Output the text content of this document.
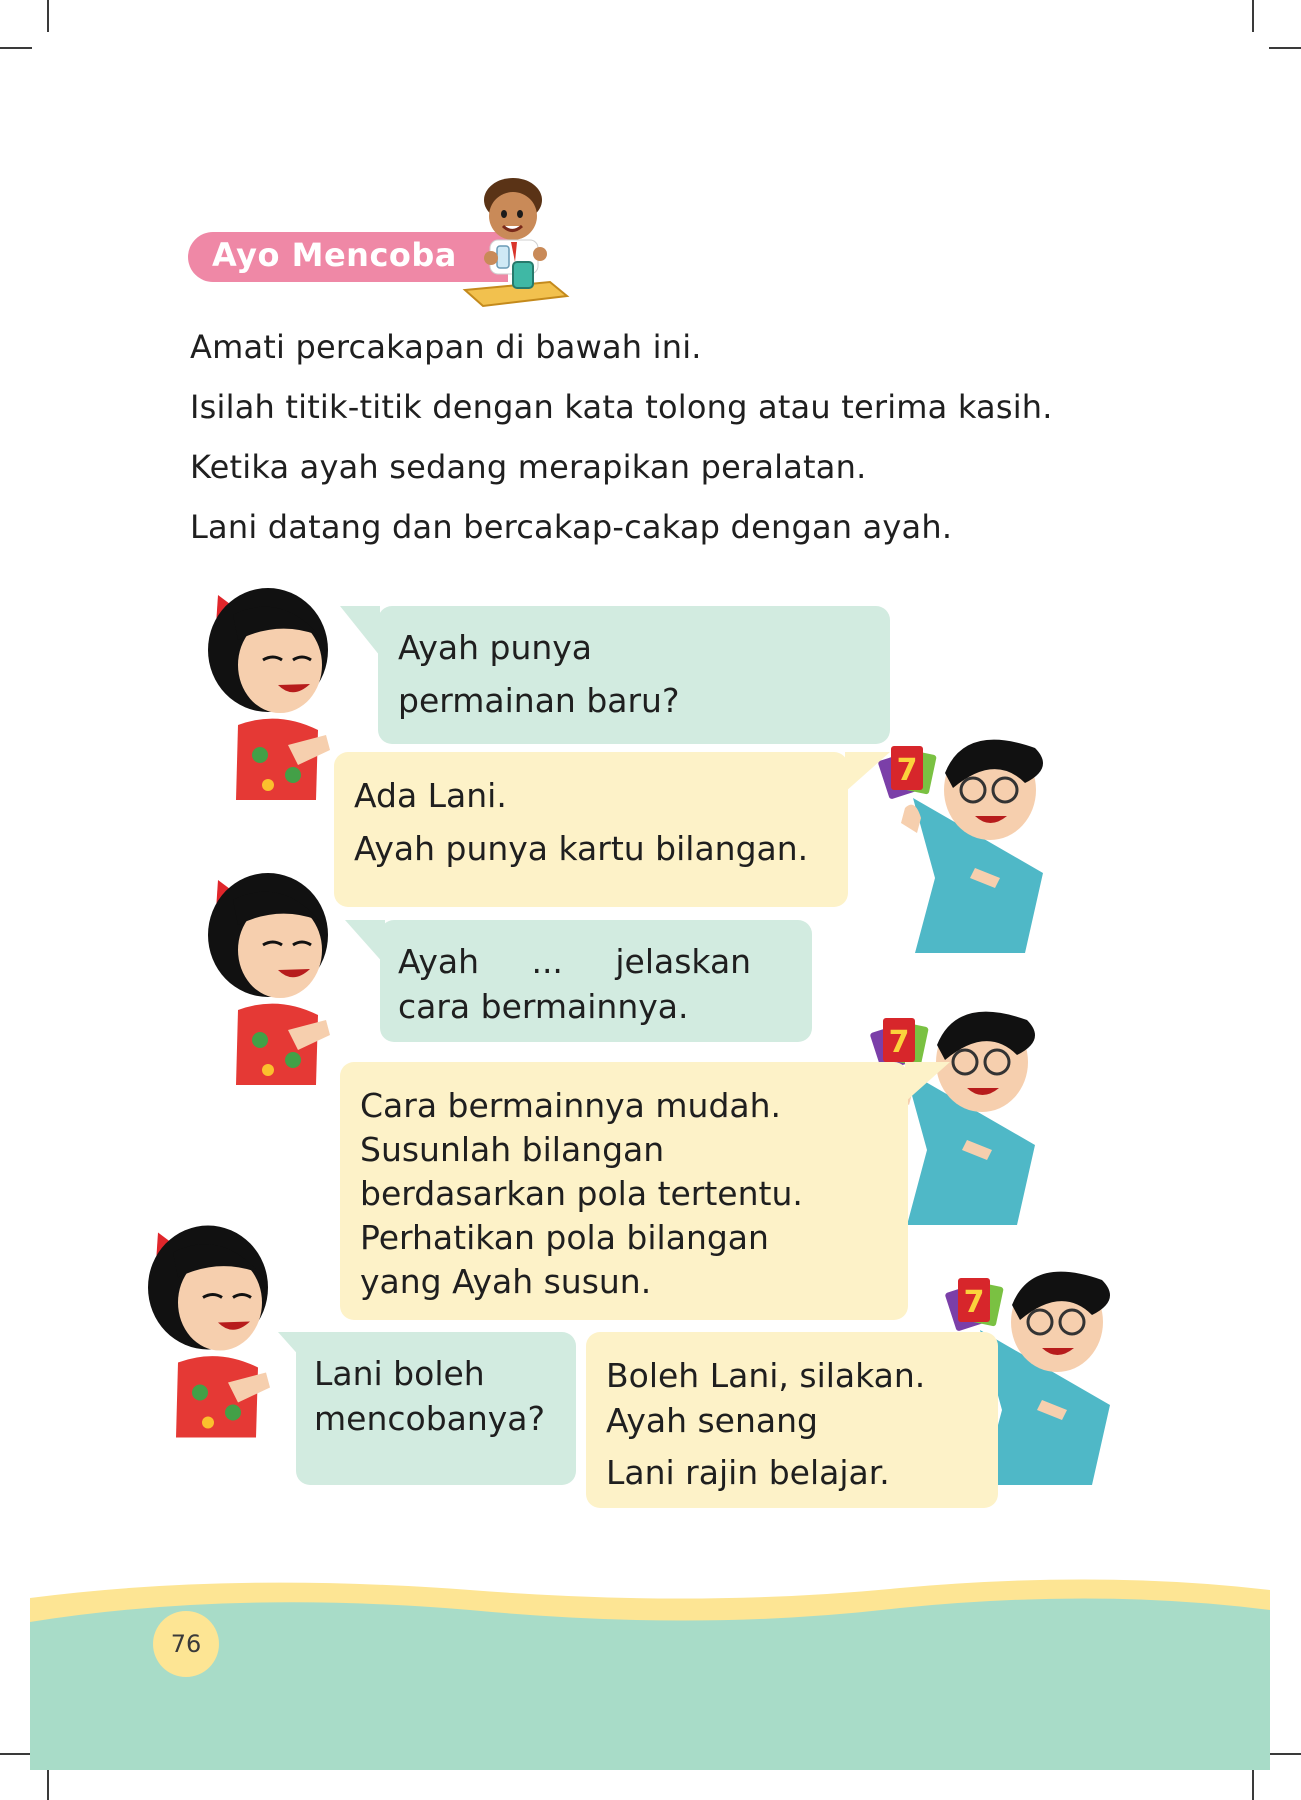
Ayo Mencoba
Amati percakapan di bawah ini.
Isilah titik-titik dengan kata tolong atau terima kasih.
Ketika ayah sedang merapikan peralatan.
Lani datang dan bercakap-cakap dengan ayah.
7
7
7
Ayah punya
permainan baru?
Ada Lani.
Ayah punya kartu bilangan.
Ayah     ...     jelaskan
cara bermainnya.
Cara bermainnya mudah.
Susunlah bilangan
berdasarkan pola tertentu.
Perhatikan pola bilangan
yang Ayah susun.
Lani boleh
mencobanya?
Boleh Lani, silakan.
Ayah senang
Lani rajin belajar.
76
